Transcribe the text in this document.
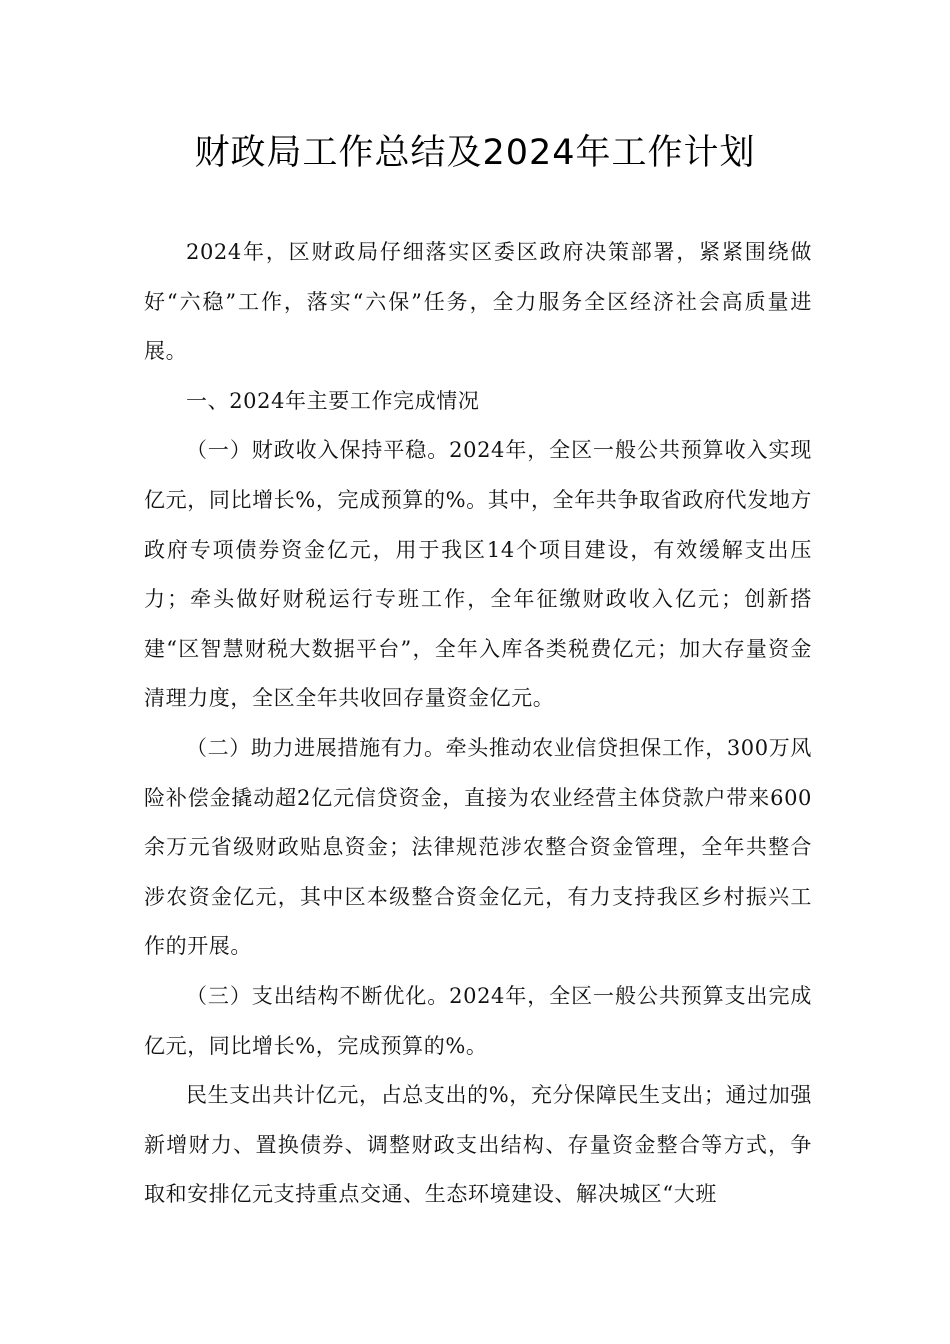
财政局工作总结及2024年工作计划

2024年，区财政局仔细落实区委区政府决策部署，紧紧围绕做好“六稳”工作，落实“六保”任务，全力服务全区经济社会高质量进展。

一、2024年主要工作完成情况

（一）财政收入保持平稳。2024年，全区一般公共预算收入实现亿元，同比增长%，完成预算的%。其中，全年共争取省政府代发地方政府专项债券资金亿元，用于我区14个项目建设，有效缓解支出压力；牵头做好财税运行专班工作，全年征缴财政收入亿元；创新搭建“区智慧财税大数据平台”，全年入库各类税费亿元；加大存量资金清理力度，全区全年共收回存量资金亿元。

（二）助力进展措施有力。牵头推动农业信贷担保工作，300万风险补偿金撬动超2亿元信贷资金，直接为农业经营主体贷款户带来600余万元省级财政贴息资金；法律规范涉农整合资金管理，全年共整合涉农资金亿元，其中区本级整合资金亿元，有力支持我区乡村振兴工作的开展。

（三）支出结构不断优化。2024年，全区一般公共预算支出完成亿元，同比增长%，完成预算的%。

民生支出共计亿元，占总支出的%，充分保障民生支出；通过加强新增财力、置换债券、调整财政支出结构、存量资金整合等方式，争取和安排亿元支持重点交通、生态环境建设、解决城区“大班
